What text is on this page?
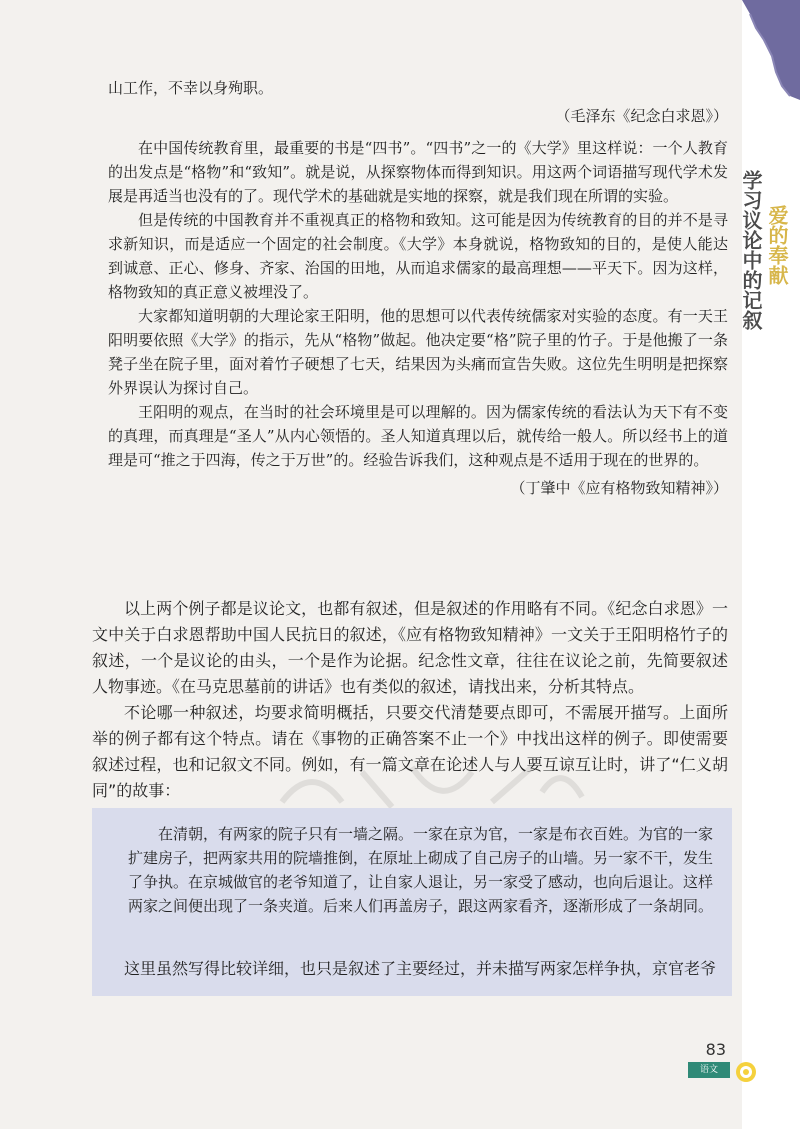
爱的奉献
学习议论中的记叙

山工作，不幸以身殉职。

（毛泽东《纪念白求恩》）

在中国传统教育里，最重要的书是“四书”。“四书”之一的《大学》里这样说：一个人教育的出发点是“格物”和“致知”。就是说，从探察物体而得到知识。用这两个词语描写现代学术发展是再适当也没有的了。现代学术的基础就是实地的探察，就是我们现在所谓的实验。

但是传统的中国教育并不重视真正的格物和致知。这可能是因为传统教育的目的并不是寻求新知识，而是适应一个固定的社会制度。《大学》本身就说，格物致知的目的，是使人能达到诚意、正心、修身、齐家、治国的田地，从而追求儒家的最高理想——平天下。因为这样，格物致知的真正意义被埋没了。

大家都知道明朝的大理论家王阳明，他的思想可以代表传统儒家对实验的态度。有一天王阳明要依照《大学》的指示，先从“格物”做起。他决定要“格”院子里的竹子。于是他搬了一条凳子坐在院子里，面对着竹子硬想了七天，结果因为头痛而宣告失败。这位先生明明是把探察外界误认为探讨自己。

王阳明的观点，在当时的社会环境里是可以理解的。因为儒家传统的看法认为天下有不变的真理，而真理是“圣人”从内心领悟的。圣人知道真理以后，就传给一般人。所以经书上的道理是可“推之于四海，传之于万世”的。经验告诉我们，这种观点是不适用于现在的世界的。

（丁肇中《应有格物致知精神》）

以上两个例子都是议论文，也都有叙述，但是叙述的作用略有不同。《纪念白求恩》一文中关于白求恩帮助中国人民抗日的叙述，《应有格物致知精神》一文关于王阳明格竹子的叙述，一个是议论的由头，一个是作为论据。纪念性文章，往往在议论之前，先简要叙述人物事迹。《在马克思墓前的讲话》也有类似的叙述，请找出来，分析其特点。

不论哪一种叙述，均要求简明概括，只要交代清楚要点即可，不需展开描写。上面所举的例子都有这个特点。请在《事物的正确答案不止一个》中找出这样的例子。即使需要叙述过程，也和记叙文不同。例如，有一篇文章在论述人与人要互谅互让时，讲了“仁义胡同”的故事：

在清朝，有两家的院子只有一墙之隔。一家在京为官，一家是布衣百姓。为官的一家扩建房子，把两家共用的院墙推倒，在原址上砌成了自己房子的山墙。另一家不干，发生了争执。在京城做官的老爷知道了，让自家人退让，另一家受了感动，也向后退让。这样两家之间便出现了一条夹道。后来人们再盖房子，跟这两家看齐，逐渐形成了一条胡同。
这里虽然写得比较详细，也只是叙述了主要经过，并未描写两家怎样争执，京官老爷
83
语文
